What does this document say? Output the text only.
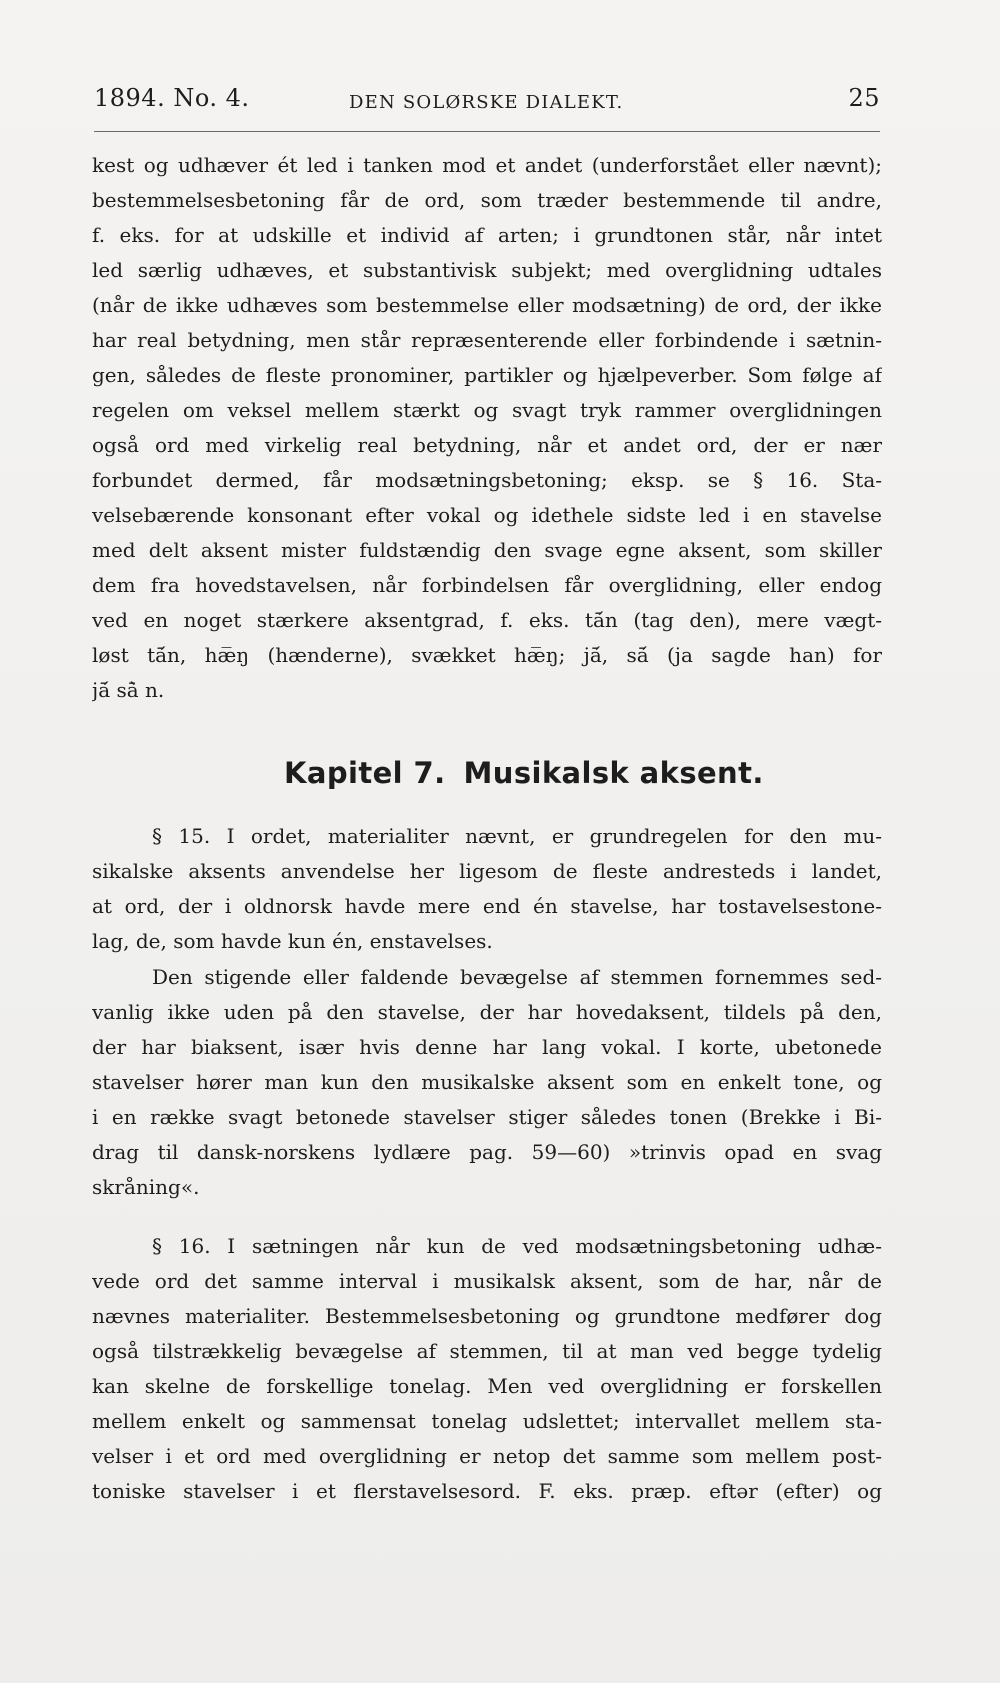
1894. No. 4.	DEN SOLØRSKE DIALEKT.	25
kest og udhæver ét led i tanken mod et andet (underforstået eller nævnt);
bestemmelsesbetoning får de ord, som træder bestemmende til andre,
f. eks. for at udskille et individ af arten; i grundtonen står, når intet
led særlig udhæves, et substantivisk subjekt; med overglidning udtales
(når de ikke udhæves som bestemmelse eller modsætning) de ord, der ikke
har real betydning, men står repræsenterende eller forbindende i sætnin-
gen, således de fleste pronominer, partikler og hjælpeverber. Som følge af
regelen om veksel mellem stærkt og svagt tryk rammer overglidningen
også ord med virkelig real betydning, når et andet ord, der er nær
forbundet dermed, får modsætningsbetoning; eksp. se § 16. Sta-
velsebærende konsonant efter vokal og idethele sidste led i en stavelse
med delt aksent mister fuldstændig den svage egne aksent, som skiller
dem fra hovedstavelsen, når forbindelsen får overglidning, eller endog
ved en noget stærkere aksentgrad, f. eks. tā́n (tag den), mere vægt-
løst tā́n, hæ̅ŋ (hænderne), svækket hæ̅ŋ; jā́, sā́ (ja sagde han) for
jā́ sā̀ n.
Kapitel 7. Musikalsk aksent.
§ 15. I ordet, materialiter nævnt, er grundregelen for den mu-
sikalske aksents anvendelse her ligesom de fleste andresteds i landet,
at ord, der i oldnorsk havde mere end én stavelse, har tostavelsestone-
lag, de, som havde kun én, enstavelses.
Den stigende eller faldende bevægelse af stemmen fornemmes sed-
vanlig ikke uden på den stavelse, der har hovedaksent, tildels på den,
der har biaksent, især hvis denne har lang vokal. I korte, ubetonede
stavelser hører man kun den musikalske aksent som en enkelt tone, og
i en række svagt betonede stavelser stiger således tonen (Brekke i Bi-
drag til dansk-norskens lydlære pag. 59—60) »trinvis opad en svag
skråning«.
§ 16. I sætningen når kun de ved modsætningsbetoning udhæ-
vede ord det samme interval i musikalsk aksent, som de har, når de
nævnes materialiter. Bestemmelsesbetoning og grundtone medfører dog
også tilstrækkelig bevægelse af stemmen, til at man ved begge tydelig
kan skelne de forskellige tonelag. Men ved overglidning er forskellen
mellem enkelt og sammensat tonelag udslettet; intervallet mellem sta-
velser i et ord med overglidning er netop det samme som mellem post-
toniske stavelser i et flerstavelsesord. F. eks. præp. eftər (efter) og
